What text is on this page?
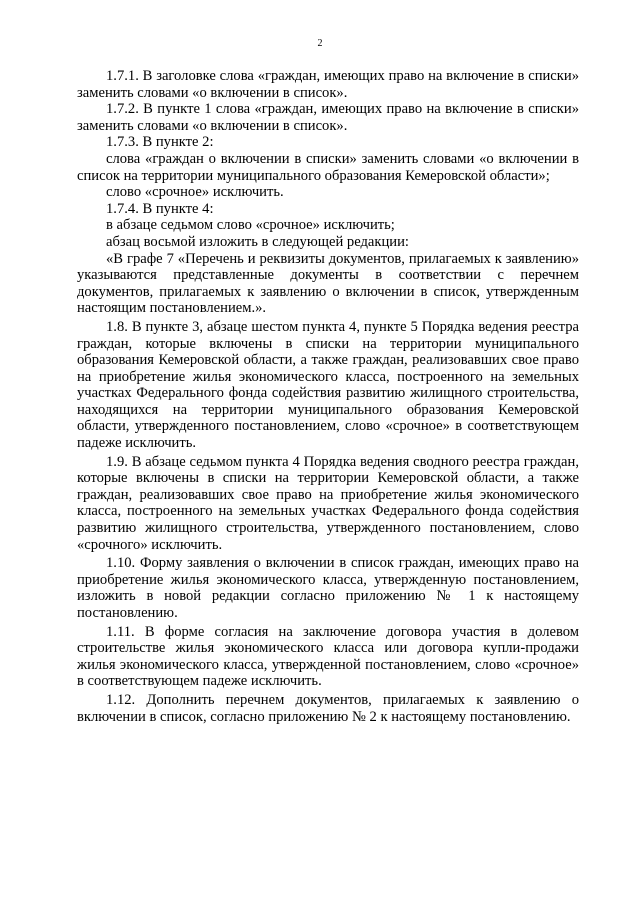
2

1.7.1. В заголовке слова «граждан, имеющих право на включение в списки» заменить словами «о включении в список».

1.7.2. В пункте 1 слова «граждан, имеющих право на включение в списки» заменить словами «о включении в список».

1.7.3. В пункте 2:

слова «граждан о включении в списки» заменить словами «о включении в список на территории муниципального образования Кемеровской области»;

слово «срочное» исключить.

1.7.4. В пункте 4:

в абзаце седьмом слово «срочное» исключить;

абзац восьмой изложить в следующей редакции:

«В графе 7 «Перечень и реквизиты документов, прилагаемых к заявлению» указываются представленные документы в соответствии с перечнем документов, прилагаемых к заявлению о включении в список, утвержденным настоящим постановлением.».

1.8. В пункте 3, абзаце шестом пункта 4, пункте 5 Порядка ведения реестра граждан, которые включены в списки на территории муниципального образования Кемеровской области, а также граждан, реализовавших свое право на приобретение жилья экономического класса, построенного на земельных участках Федерального фонда содействия развитию жилищного строительства, находящихся на территории муниципального образования Кемеровской области, утвержденного постановлением, слово «срочное» в соответствующем падеже исключить.

1.9. В абзаце седьмом пункта 4 Порядка ведения сводного реестра граждан, которые включены в списки на территории Кемеровской области, а также граждан, реализовавших свое право на приобретение жилья экономического класса, построенного на земельных участках Федерального фонда содействия развитию жилищного строительства, утвержденного постановлением, слово «срочного» исключить.

1.10. Форму заявления о включении в список граждан, имеющих право на приобретение жилья экономического класса, утвержденную постановлением, изложить в новой редакции согласно приложению № 1 к настоящему постановлению.

1.11. В форме согласия на заключение договора участия в долевом строительстве жилья экономического класса или договора купли-продажи жилья экономического класса, утвержденной постановлением, слово «срочное» в соответствующем падеже исключить.

1.12. Дополнить перечнем документов, прилагаемых к заявлению о включении в список, согласно приложению № 2 к настоящему постановлению.
